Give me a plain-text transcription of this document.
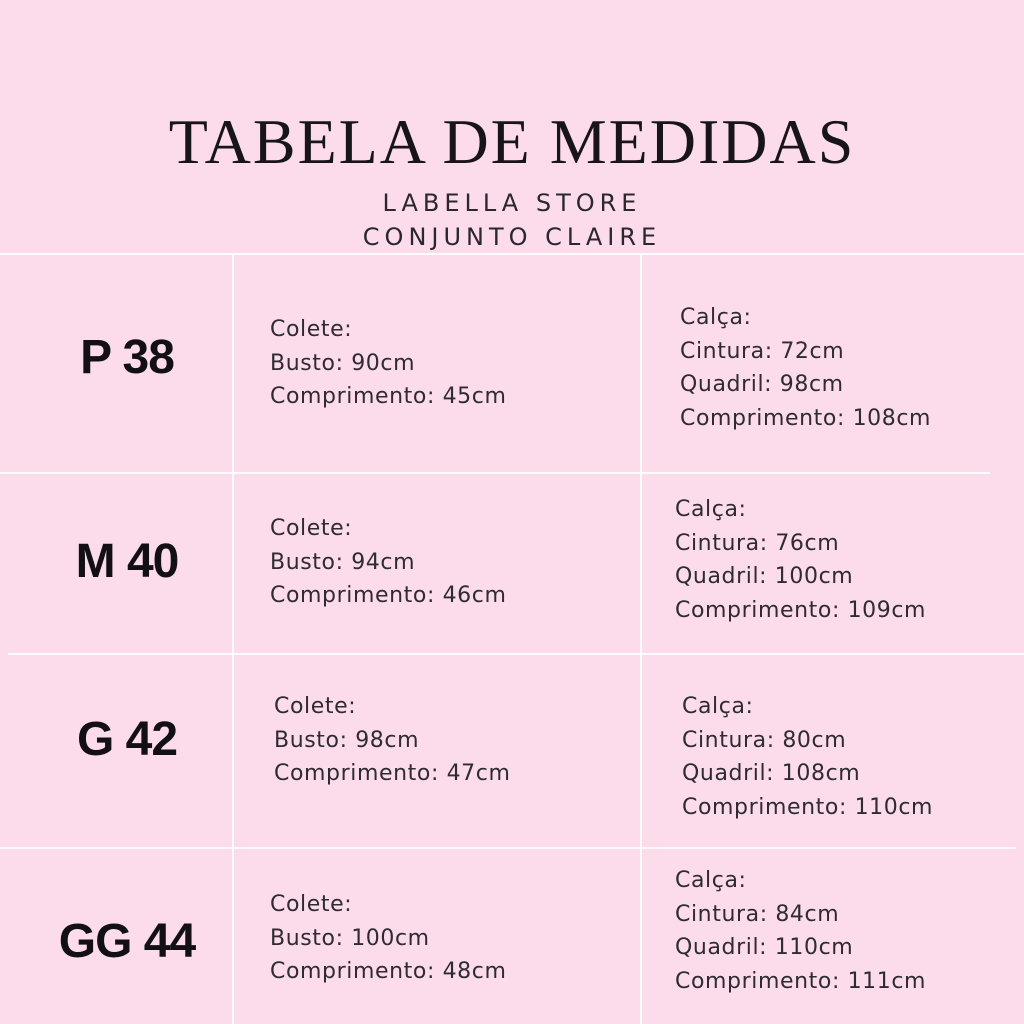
TABELA DE MEDIDAS
LABELLA STORE
CONJUNTO CLAIRE
P 38
Colete:
Busto: 90cm
Comprimento: 45cm
Calça:
Cintura: 72cm
Quadril: 98cm
Comprimento: 108cm
M 40
Colete:
Busto: 94cm
Comprimento: 46cm
Calça:
Cintura: 76cm
Quadril: 100cm
Comprimento: 109cm
G 42
Colete:
Busto: 98cm
Comprimento: 47cm
Calça:
Cintura: 80cm
Quadril: 108cm
Comprimento: 110cm
GG 44
Colete:
Busto: 100cm
Comprimento: 48cm
Calça:
Cintura: 84cm
Quadril: 110cm
Comprimento: 111cm
